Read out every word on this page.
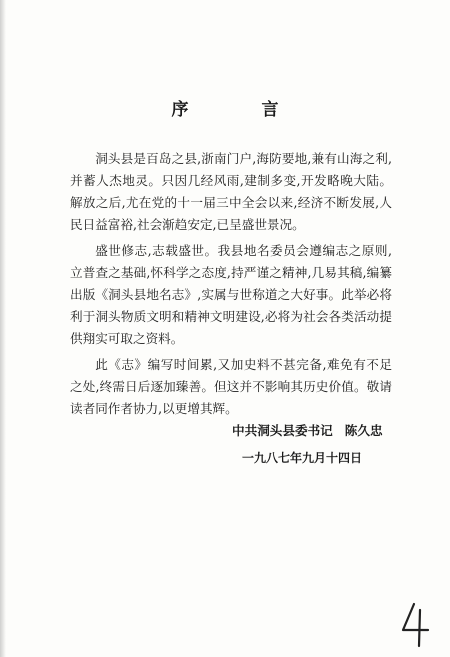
序　言

洞头县是百岛之县,浙南门户,海防要地,兼有山海之利,并蓄人杰地灵。只因几经风雨,建制多变,开发略晚大陆。解放之后,尤在党的十一届三中全会以来,经济不断发展,人民日益富裕,社会渐趋安定,已呈盛世景况。

盛世修志,志载盛世。我县地名委员会遵编志之原则,立普查之基础,怀科学之态度,持严谨之精神,几易其稿,编纂出版《洞头县地名志》,实属与世称道之大好事。此举必将利于洞头物质文明和精神文明建设,必将为社会各类活动提供翔实可取之资料。

此《志》编写时间累,又加史料不甚完备,难免有不足之处,终需日后逐加臻善。但这并不影响其历史价值。敬请读者同作者协力,以更增其辉。

中共洞头县委书记 陈久忠
一九八七年九月十四日
